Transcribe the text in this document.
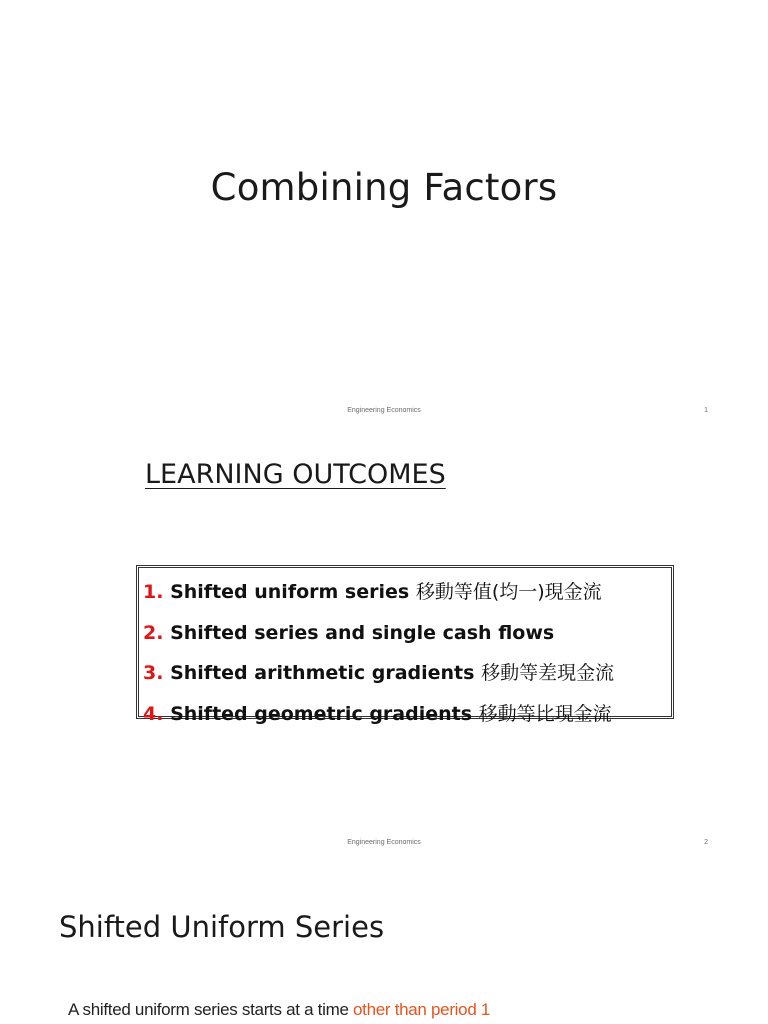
Combining Factors
Engineering Economics	1
LEARNING OUTCOMES
1. Shifted uniform series 移動等值(均一)現金流
2. Shifted series and single cash flows
3. Shifted arithmetic gradients 移動等差現金流
4. Shifted geometric gradients 移動等比現金流
Engineering Economics	2
Shifted Uniform Series
A shifted uniform series starts at a time other than period 1
